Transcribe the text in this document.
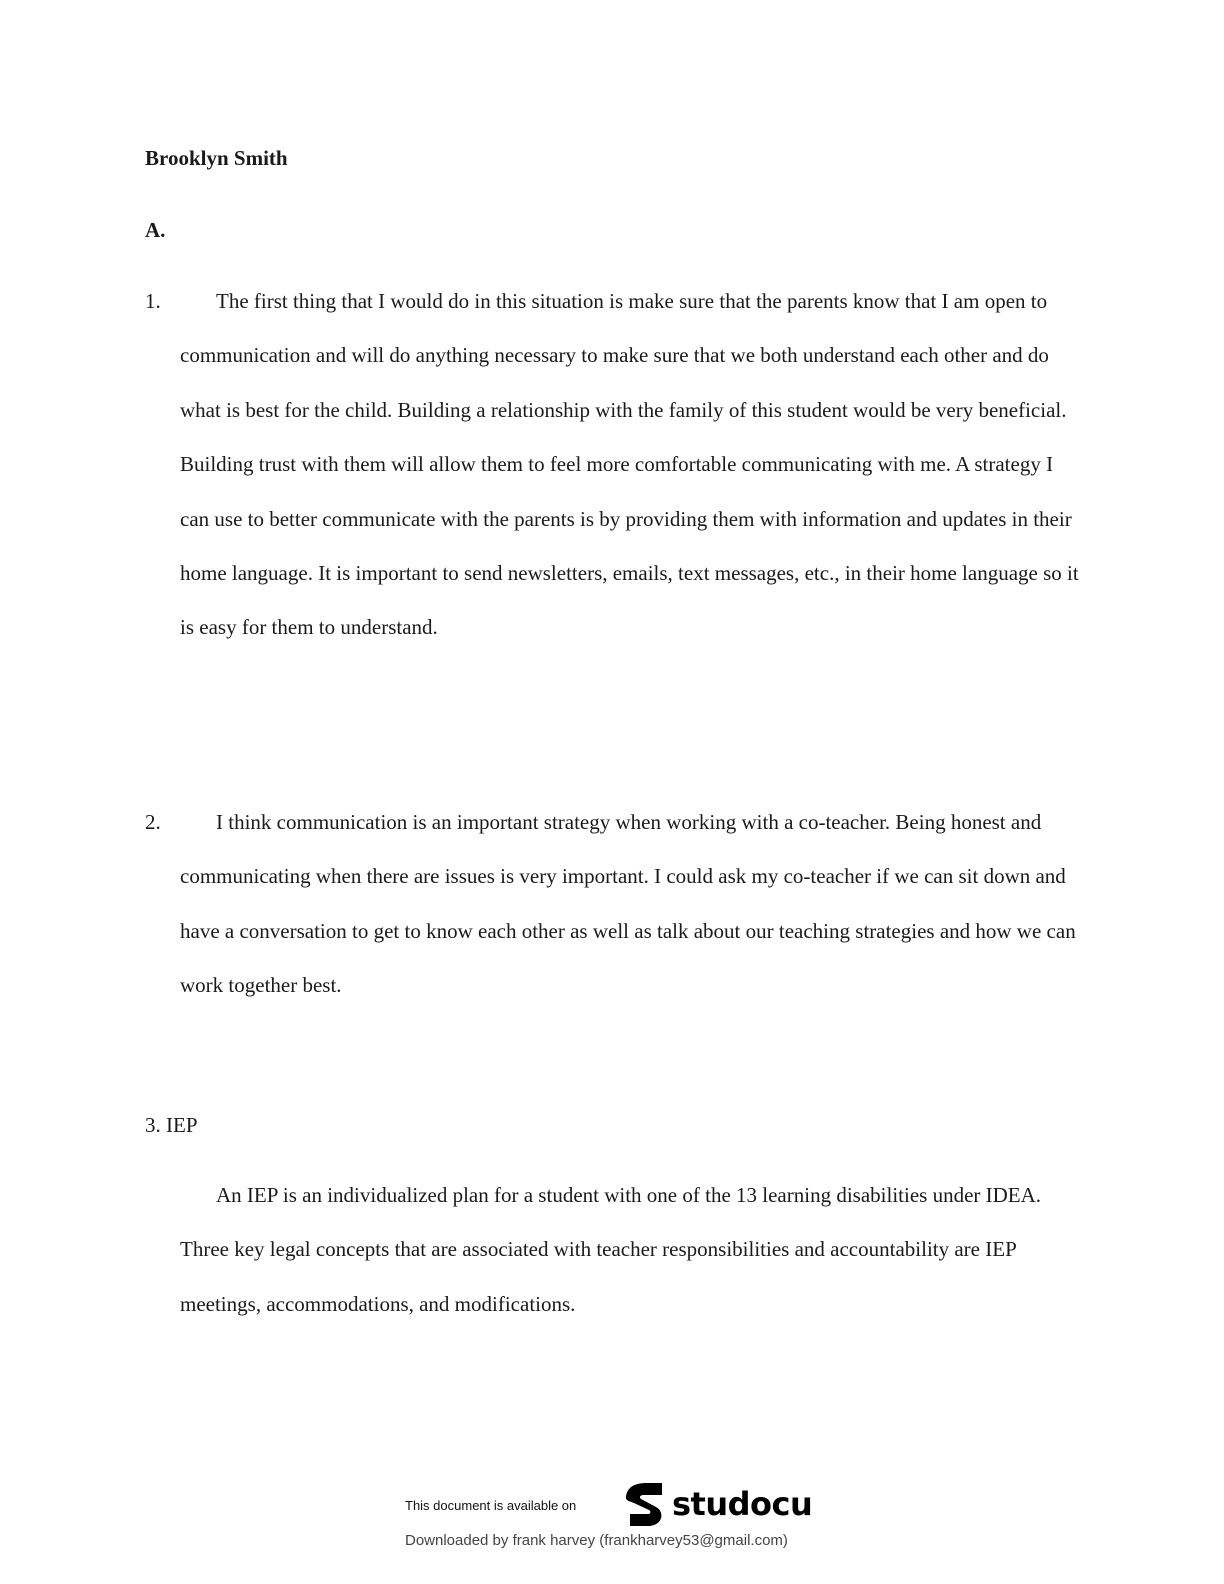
Brooklyn Smith
A.
1.	The first thing that I would do in this situation is make sure that the parents know that I am open to communication and will do anything necessary to make sure that we both understand each other and do what is best for the child. Building a relationship with the family of this student would be very beneficial. Building trust with them will allow them to feel more comfortable communicating with me. A strategy I can use to better communicate with the parents is by providing them with information and updates in their home language. It is important to send newsletters, emails, text messages, etc., in their home language so it is easy for them to understand.

2.	I think communication is an important strategy when working with a co-teacher. Being honest and communicating when there are issues is very important. I could ask my co-teacher if we can sit down and have a conversation to get to know each other as well as talk about our teaching strategies and how we can work together best.

3. IEP

An IEP is an individualized plan for a student with one of the 13 learning disabilities under IDEA. Three key legal concepts that are associated with teacher responsibilities and accountability are IEP meetings, accommodations, and modifications.

This document is available on	studocu
Downloaded by frank harvey (frankharvey53@gmail.com)
